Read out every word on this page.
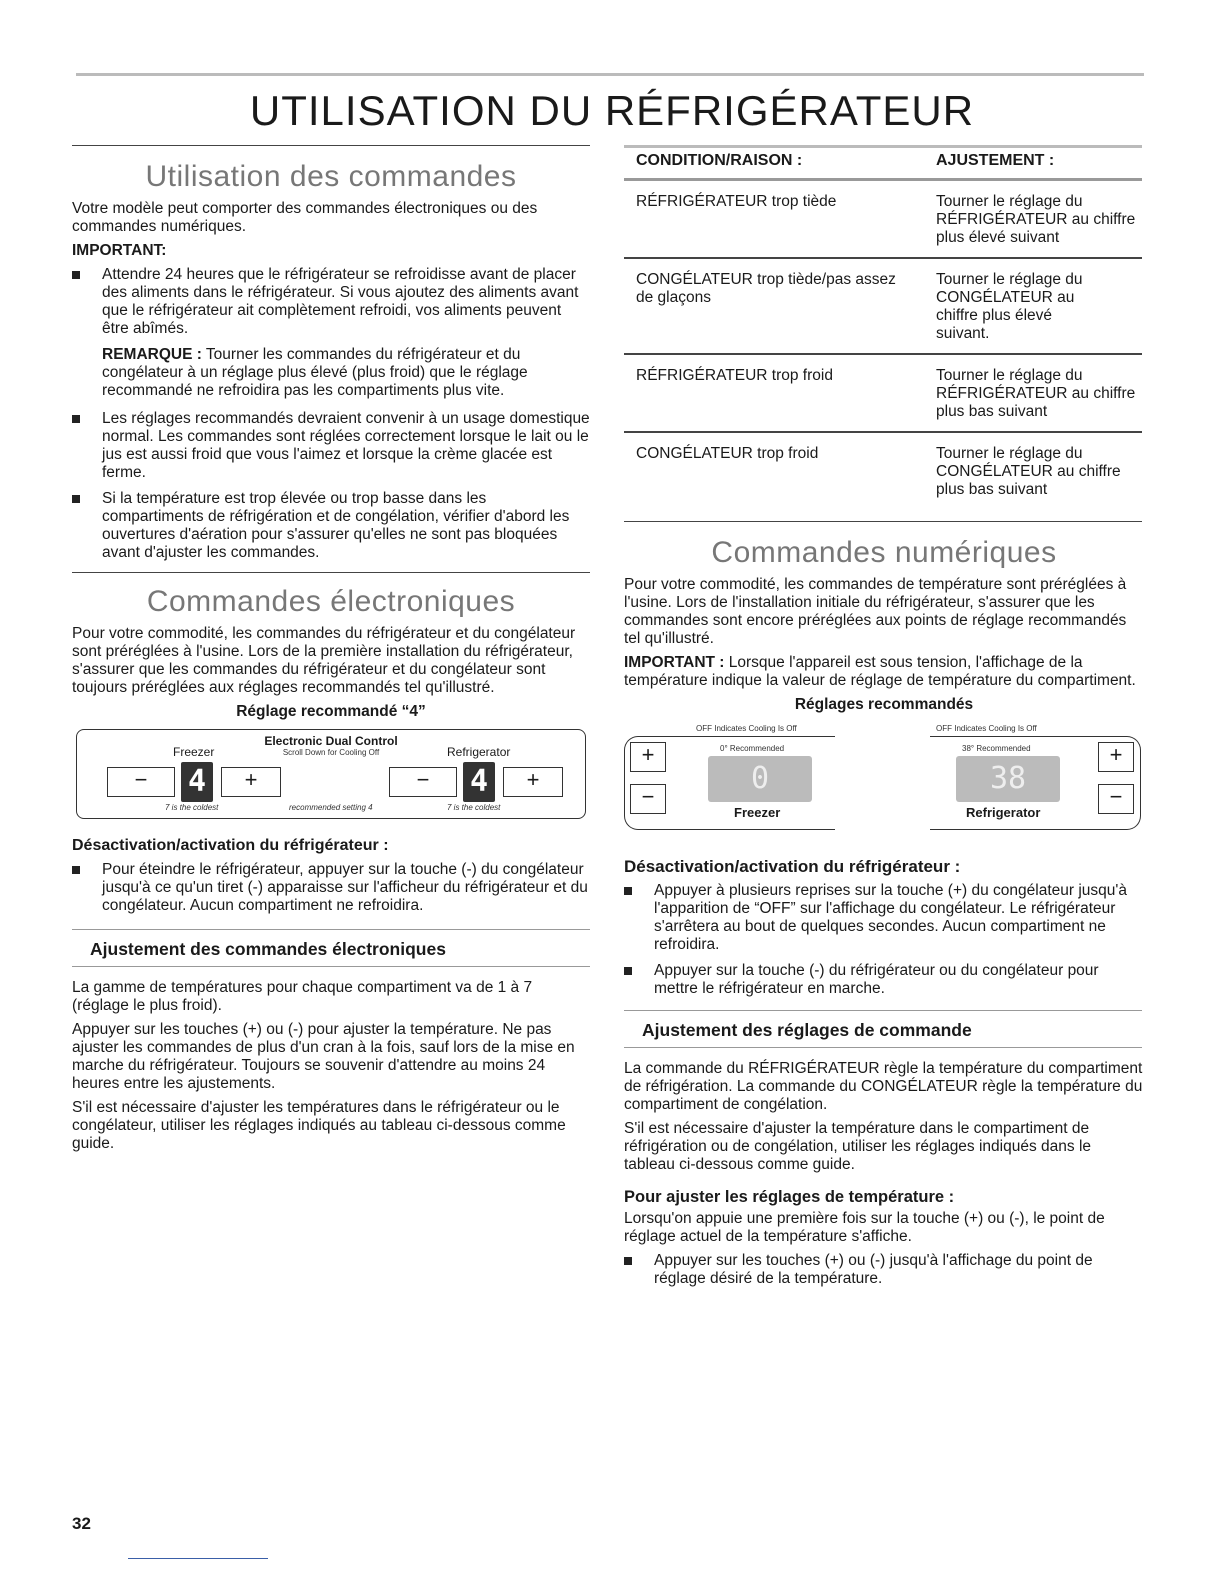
UTILISATION DU RÉFRIGÉRATEUR
Utilisation des commandes

Votre modèle peut comporter des commandes électroniques ou des commandes numériques.

IMPORTANT:
Attendre 24 heures que le réfrigérateur se refroidisse avant de placer des aliments dans le réfrigérateur. Si vous ajoutez des aliments avant que le réfrigérateur ait complètement refroidi, vos aliments peuvent être abîmés.

REMARQUE : Tourner les commandes du réfrigérateur et du congélateur à un réglage plus élevé (plus froid) que le réglage recommandé ne refroidira pas les compartiments plus vite.

Les réglages recommandés devraient convenir à un usage domestique normal. Les commandes sont réglées correctement lorsque le lait ou le jus est aussi froid que vous l'aimez et lorsque la crème glacée est ferme.
Si la température est trop élevée ou trop basse dans les compartiments de réfrigération et de congélation, vérifier d'abord les ouvertures d'aération pour s'assurer qu'elles ne sont pas bloquées avant d'ajuster les commandes.
Commandes électroniques

Pour votre commodité, les commandes du réfrigérateur et du congélateur sont préréglées à l'usine. Lors de la première installation du réfrigérateur, s'assurer que les commandes du réfrigérateur et du congélateur sont toujours préréglées aux réglages recommandés tel qu'illustré.

Réglage recommandé “4”
Electronic Dual Control
Scroll Down for Cooling Off
Freezer	Refrigerator
−	4	+	−	4	+
7 is the coldest	recommended setting 4	7 is the coldest
Désactivation/activation du réfrigérateur :
Pour éteindre le réfrigérateur, appuyer sur la touche (-) du congélateur jusqu'à ce qu'un tiret (-) apparaisse sur l'afficheur du réfrigérateur et du congélateur. Aucun compartiment ne refroidira.
Ajustement des commandes électroniques

La gamme de températures pour chaque compartiment va de 1 à 7 (réglage le plus froid).

Appuyer sur les touches (+) ou (-) pour ajuster la température. Ne pas ajuster les commandes de plus d'un cran à la fois, sauf lors de la mise en marche du réfrigérateur. Toujours se souvenir d'attendre au moins 24 heures entre les ajustements.

S'il est nécessaire d'ajuster les températures dans le réfrigérateur ou le congélateur, utiliser les réglages indiqués au tableau ci-dessous comme guide.

CONDITION/RAISON :	AJUSTEMENT :
RÉFRIGÉRATEUR trop tiède	Tourner le réglage du RÉFRIGÉRATEUR au chiffre plus élevé suivant
CONGÉLATEUR trop tiède/pas assez de glaçons	Tourner le réglage du CONGÉLATEUR au chiffre plus élevé suivant.
RÉFRIGÉRATEUR trop froid	Tourner le réglage du RÉFRIGÉRATEUR au chiffre plus bas suivant
CONGÉLATEUR trop froid	Tourner le réglage du CONGÉLATEUR au chiffre plus bas suivant
Commandes numériques

Pour votre commodité, les commandes de température sont préréglées à l'usine. Lors de l'installation initiale du réfrigérateur, s'assurer que les commandes sont encore préréglées aux points de réglage recommandés tel qu'illustré.

IMPORTANT : Lorsque l'appareil est sous tension, l'affichage de la température indique la valeur de réglage de température du compartiment.

Réglages recommandés
OFF Indicates Cooling Is Off	OFF Indicates Cooling Is Off
+
−
0° Recommended
0
Freezer
38° Recommended
38
Refrigerator
+
−
Désactivation/activation du réfrigérateur :
Appuyer à plusieurs reprises sur la touche (+) du congélateur jusqu'à l'apparition de “OFF” sur l'affichage du congélateur. Le réfrigérateur s'arrêtera au bout de quelques secondes. Aucun compartiment ne refroidira.
Appuyer sur la touche (-) du réfrigérateur ou du congélateur pour mettre le réfrigérateur en marche.
Ajustement des réglages de commande

La commande du RÉFRIGÉRATEUR règle la température du compartiment de réfrigération. La commande du CONGÉLATEUR règle la température du compartiment de congélation.

S'il est nécessaire d'ajuster la température dans le compartiment de réfrigération ou de congélation, utiliser les réglages indiqués dans le tableau ci-dessous comme guide.

Pour ajuster les réglages de température :

Lorsqu'on appuie une première fois sur la touche (+) ou (-), le point de réglage actuel de la température s'affiche.

Appuyer sur les touches (+) ou (-) jusqu'à l'affichage du point de réglage désiré de la température.
32
